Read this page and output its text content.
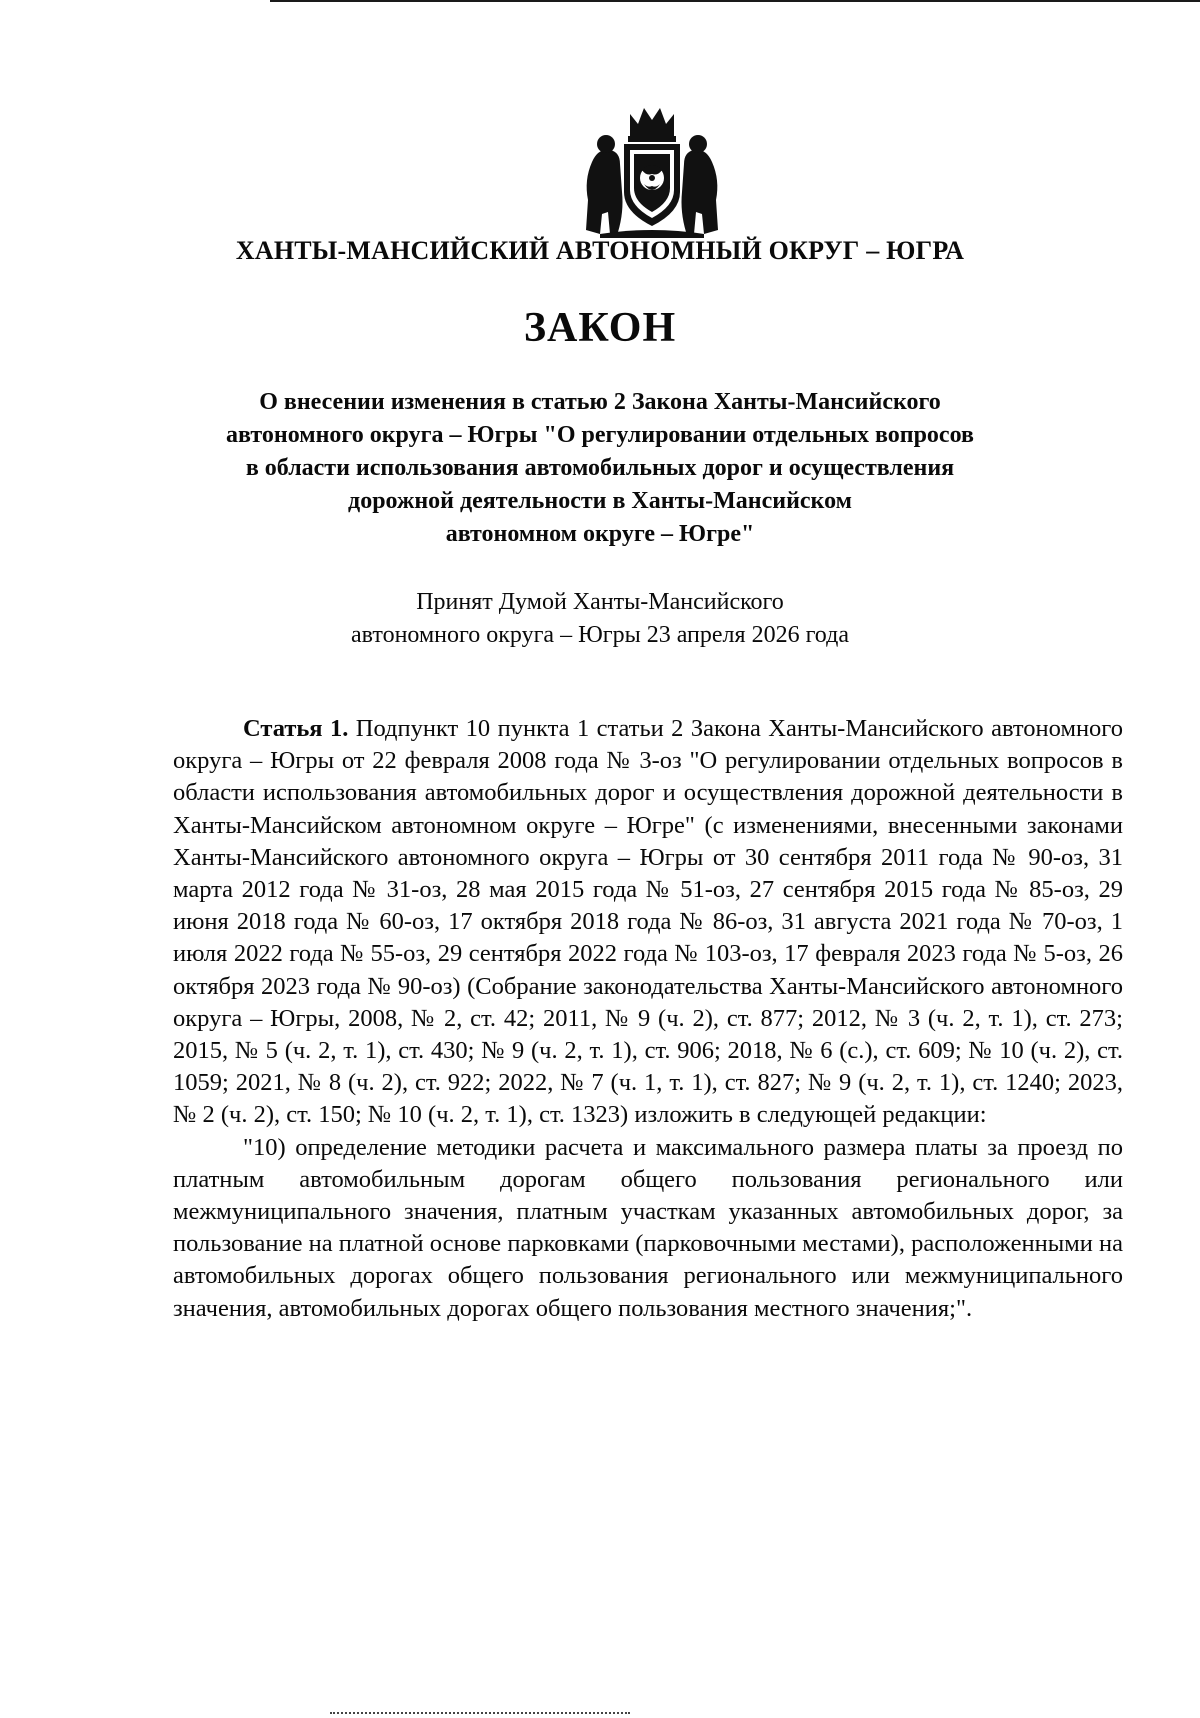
ХАНТЫ-МАНСИЙСКИЙ АВТОНОМНЫЙ ОКРУГ – ЮГРА
ЗАКОН
О внесении изменения в статью 2 Закона Ханты-Мансийского
автономного округа – Югры "О регулировании отдельных вопросов
в области использования автомобильных дорог и осуществления
дорожной деятельности в Ханты-Мансийском
автономном округе – Югре"
Принят Думой Ханты-Мансийского
автономного округа – Югры 23 апреля 2026 года

Статья 1. Подпункт 10 пункта 1 статьи 2 Закона Ханты-Мансийского автономного округа – Югры от 22 февраля 2008 года № 3-оз "О регулировании отдельных вопросов в области использования автомобильных дорог и осуществления дорожной деятельности в Ханты-Мансийском автономном округе – Югре" (с изменениями, внесенными законами Ханты-Мансийского автономного округа – Югры от 30 сентября 2011 года № 90-оз, 31 марта 2012 года № 31-оз, 28 мая 2015 года № 51-оз, 27 сентября 2015 года № 85-оз, 29 июня 2018 года № 60-оз, 17 октября 2018 года № 86-оз, 31 августа 2021 года № 70-оз, 1 июля 2022 года № 55-оз, 29 сентября 2022 года № 103-оз, 17 февраля 2023 года № 5-оз, 26 октября 2023 года № 90-оз) (Собрание законодательства Ханты-Мансийского автономного округа – Югры, 2008, № 2, ст. 42; 2011, № 9 (ч. 2), ст. 877; 2012, № 3 (ч. 2, т. 1), ст. 273; 2015, № 5 (ч. 2, т. 1), ст. 430; № 9 (ч. 2, т. 1), ст. 906; 2018, № 6 (с.), ст. 609; № 10 (ч. 2), ст. 1059; 2021, № 8 (ч. 2), ст. 922; 2022, № 7 (ч. 1, т. 1), ст. 827; № 9 (ч. 2, т. 1), ст. 1240; 2023, № 2 (ч. 2), ст. 150; № 10 (ч. 2, т. 1), ст. 1323) изложить в следующей редакции:

"10) определение методики расчета и максимального размера платы за проезд по платным автомобильным дорогам общего пользования регионального или межмуниципального значения, платным участкам указанных автомобильных дорог, за пользование на платной основе парковками (парковочными местами), расположенными на автомобильных дорогах общего пользования регионального или межмуниципального значения, автомобильных дорогах общего пользования местного значения;".
